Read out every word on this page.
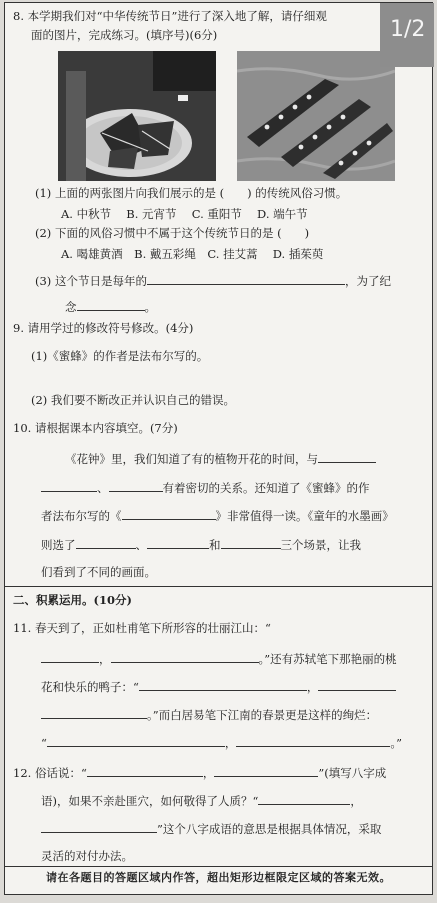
8. 本学期我们对“中华传统节日”进行了深入地了解，请仔细观
面的图片，完成练习。(填序号)(6分)
(1) 上面的两张图片向我们展示的是 (　　) 的传统风俗习惯。
A. 中秋节　 B. 元宵节　 C. 重阳节　 D. 端午节
(2) 下面的风俗习惯中不属于这个传统节日的是 (　　)
A. 喝雄黄酒　B. 戴五彩绳　C. 挂艾蒿　 D. 插茱萸
(3) 这个节日是每年的	，为了纪
念	。
9. 请用学过的修改符号修改。(4分)
(1)《蜜蜂》的作者是法布尔写的。
(2) 我们要不断改正并认识自己的错误。
10. 请根据课本内容填空。(7分)
《花钟》里，我们知道了有的植物开花的时间，与
、	有着密切的关系。还知道了《蜜蜂》的作
者法布尔写的《	》非常值得一读。《童年的水墨画》
则选了	、	和	三个场景，让我
们看到了不同的画面。
二、积累运用。(10分)
11. 春天到了，正如杜甫笔下所形容的壮丽江山：“
，	。”还有苏轼笔下那艳丽的桃
花和快乐的鸭子：“	，
。”而白居易笔下江南的春景更是这样的绚烂：
“	，	。”
12. 俗话说：“	，	”(填写八字成
语)，如果不亲赴匪穴，如何敬得了人质？“	，
”这个八字成语的意思是根据具体情况，采取
灵活的对付办法。
请在各题目的答题区域内作答，超出矩形边框限定区域的答案无效。
1/2
